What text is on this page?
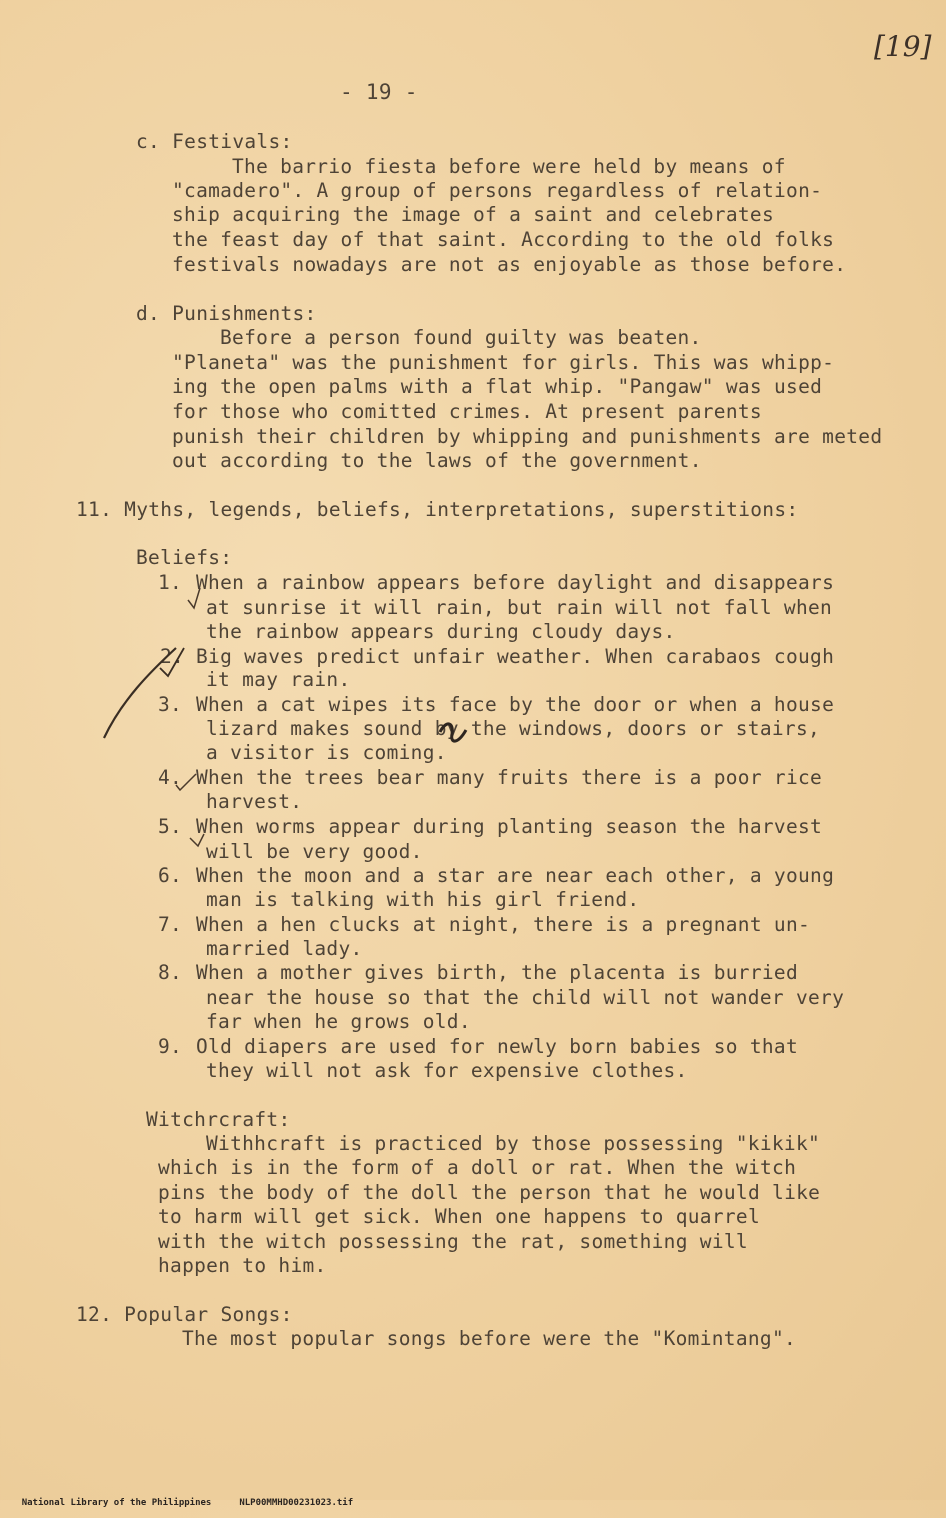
[19]
- 19 -
c. Festivals:
The barrio fiesta before were held by means of
"camadero". A group of persons regardless of relation-
ship acquiring the image of a saint and celebrates
the feast day of that saint. According to the old folks
festivals nowadays are not as enjoyable as those before.
d. Punishments:
Before a person found guilty was beaten.
"Planeta" was the punishment for girls. This was whipp-
ing the open palms with a flat whip. "Pangaw" was used
for those who comitted crimes. At present parents
punish their children by whipping and punishments are meted
out according to the laws of the government.
11. Myths, legends, beliefs, interpretations, superstitions:
Beliefs:
1. When a rainbow appears before daylight and disappears
at sunrise it will rain, but rain will not fall when
the rainbow appears during cloudy days.
2. Big waves predict unfair weather. When carabaos cough
it may rain.
3. When a cat wipes its face by the door or when a house
lizard makes sound by the windows, doors or stairs,
a visitor is coming.
4. When the trees bear many fruits there is a poor rice
harvest.
5. When worms appear during planting season the harvest
will be very good.
6. When the moon and a star are near each other, a young
man is talking with his girl friend.
7. When a hen clucks at night, there is a pregnant un-
married lady.
8. When a mother gives birth, the placenta is burried
near the house so that the child will not wander very
far when he grows old.
9. Old diapers are used for newly born babies so that
they will not ask for expensive clothes.
Witchrcraft:
Withhcraft is practiced by those possessing "kikik"
which is in the form of a doll or rat. When the witch
pins the body of the doll the person that he would like
to harm will get sick. When one happens to quarrel
with the witch possessing the rat, something will
happen to him.
12. Popular Songs:
The most popular songs before were the "Komintang".

National Library of the Philippines	NLP00MMHD00231023.tif
